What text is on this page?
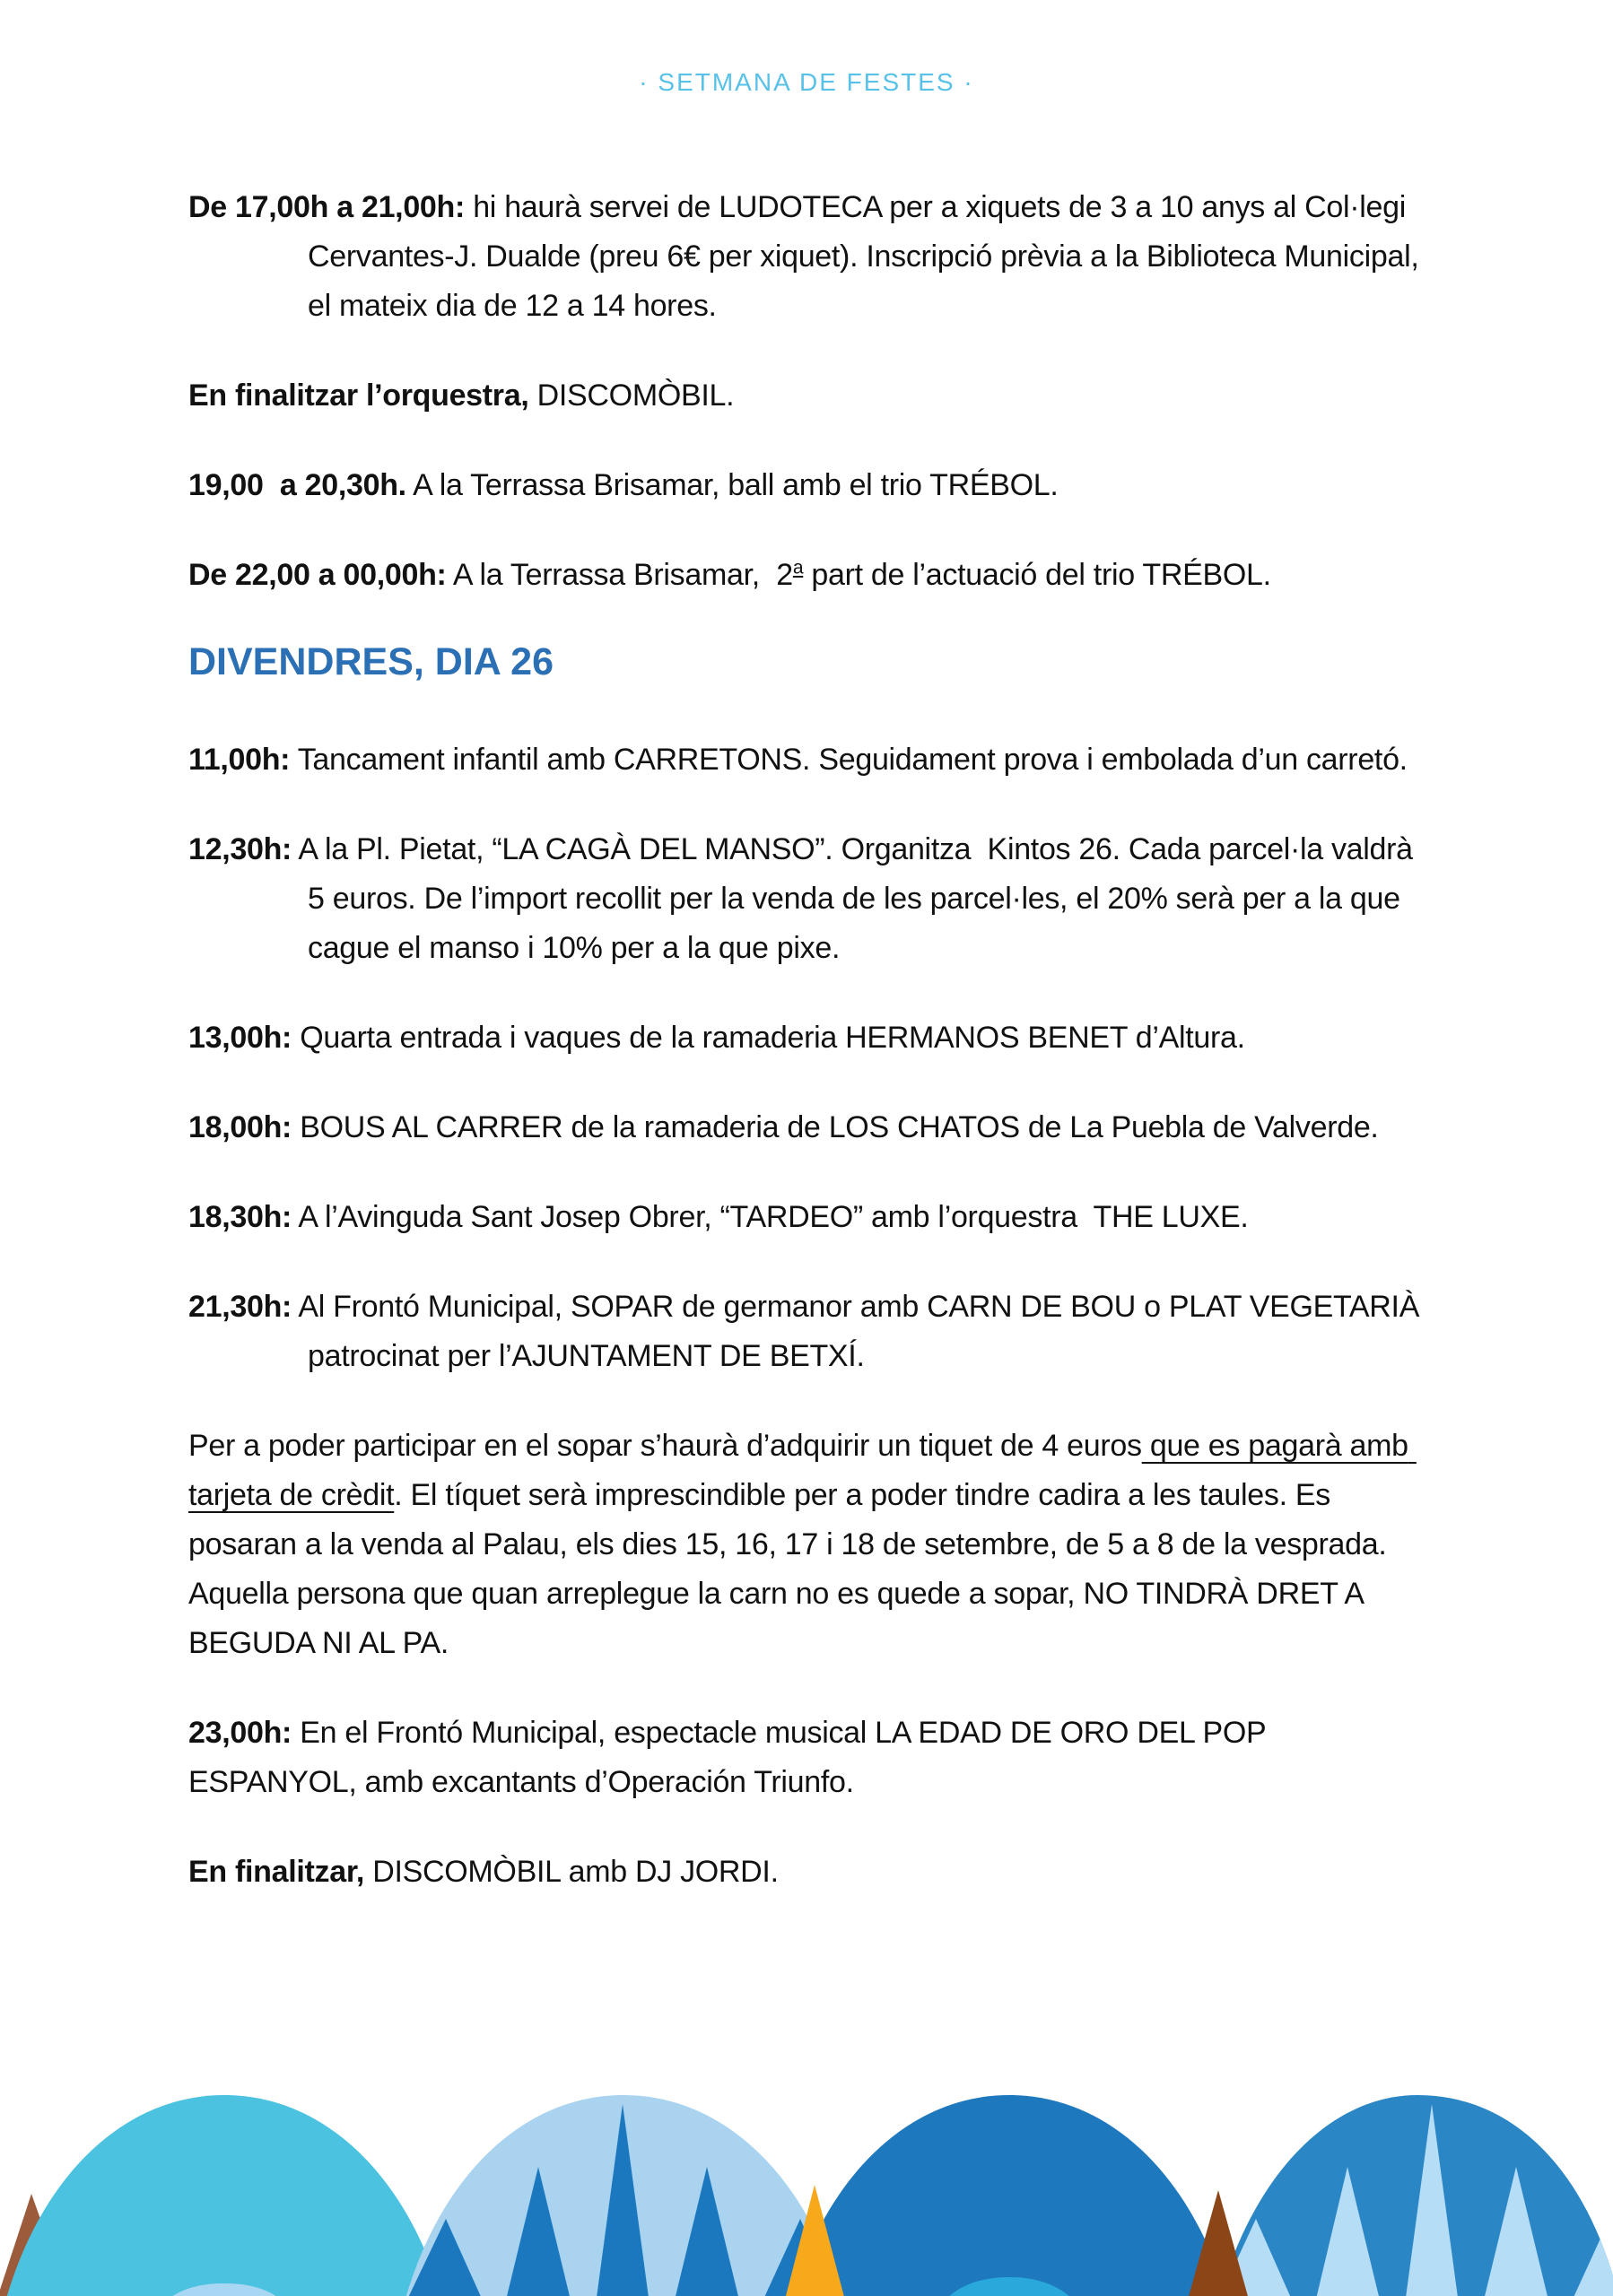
· SETMANA DE FESTES ·

De 17,00h a 21,00h: hi haurà servei de LUDOTECA per a xiquets de 3 a 10 anys al Col·legi Cervantes-J. Dualde (preu 6€ per xiquet). Inscripció prèvia a la Biblioteca Municipal, el mateix dia de 12 a 14 hores.

En finalitzar l’orquestra, DISCOMÒBIL.

19,00  a 20,30h. A la Terrassa Brisamar, ball amb el trio TRÉBOL.

De 22,00 a 00,00h: A la Terrassa Brisamar,  2$^a$ part de l’actuació del trio TRÉBOL.

DIVENDRES, DIA 26

11,00h: Tancament infantil amb CARRETONS. Seguidament prova i embolada d’un carretó.

12,30h: A la Pl. Pietat, “LA CAGÀ DEL MANSO”. Organitza  Kintos 26. Cada parcel·la valdrà 5 euros. De l’import recollit per la venda de les parcel·les, el 20% serà per a la que cague el manso i 10% per a la que pixe.

13,00h: Quarta entrada i vaques de la ramaderia HERMANOS BENET d’Altura.

18,00h: BOUS AL CARRER de la ramaderia de LOS CHATOS de La Puebla de Valverde.

18,30h: A l’Avinguda Sant Josep Obrer, “TARDEO” amb l’orquestra  THE LUXE.

21,30h: Al Frontó Municipal, SOPAR de germanor amb CARN DE BOU o PLAT VEGETARIÀ patrocinat per l’AJUNTAMENT DE BETXÍ.

Per a poder participar en el sopar s’haurà d’adquirir un tiquet de 4 euros que es pagarà amb tarjeta de crèdit. El tíquet serà imprescindible per a poder tindre cadira a les taules. Es posaran a la venda al Palau, els dies 15, 16, 17 i 18 de setembre, de 5 a 8 de la vesprada. Aquella persona que quan arreplegue la carn no es quede a sopar, NO TINDRÀ DRET A BEGUDA NI AL PA.

23,00h: En el Frontó Municipal, espectacle musical LA EDAD DE ORO DEL POP ESPANYOL, amb excantants d’Operación Triunfo.

En finalitzar, DISCOMÒBIL amb DJ JORDI.
